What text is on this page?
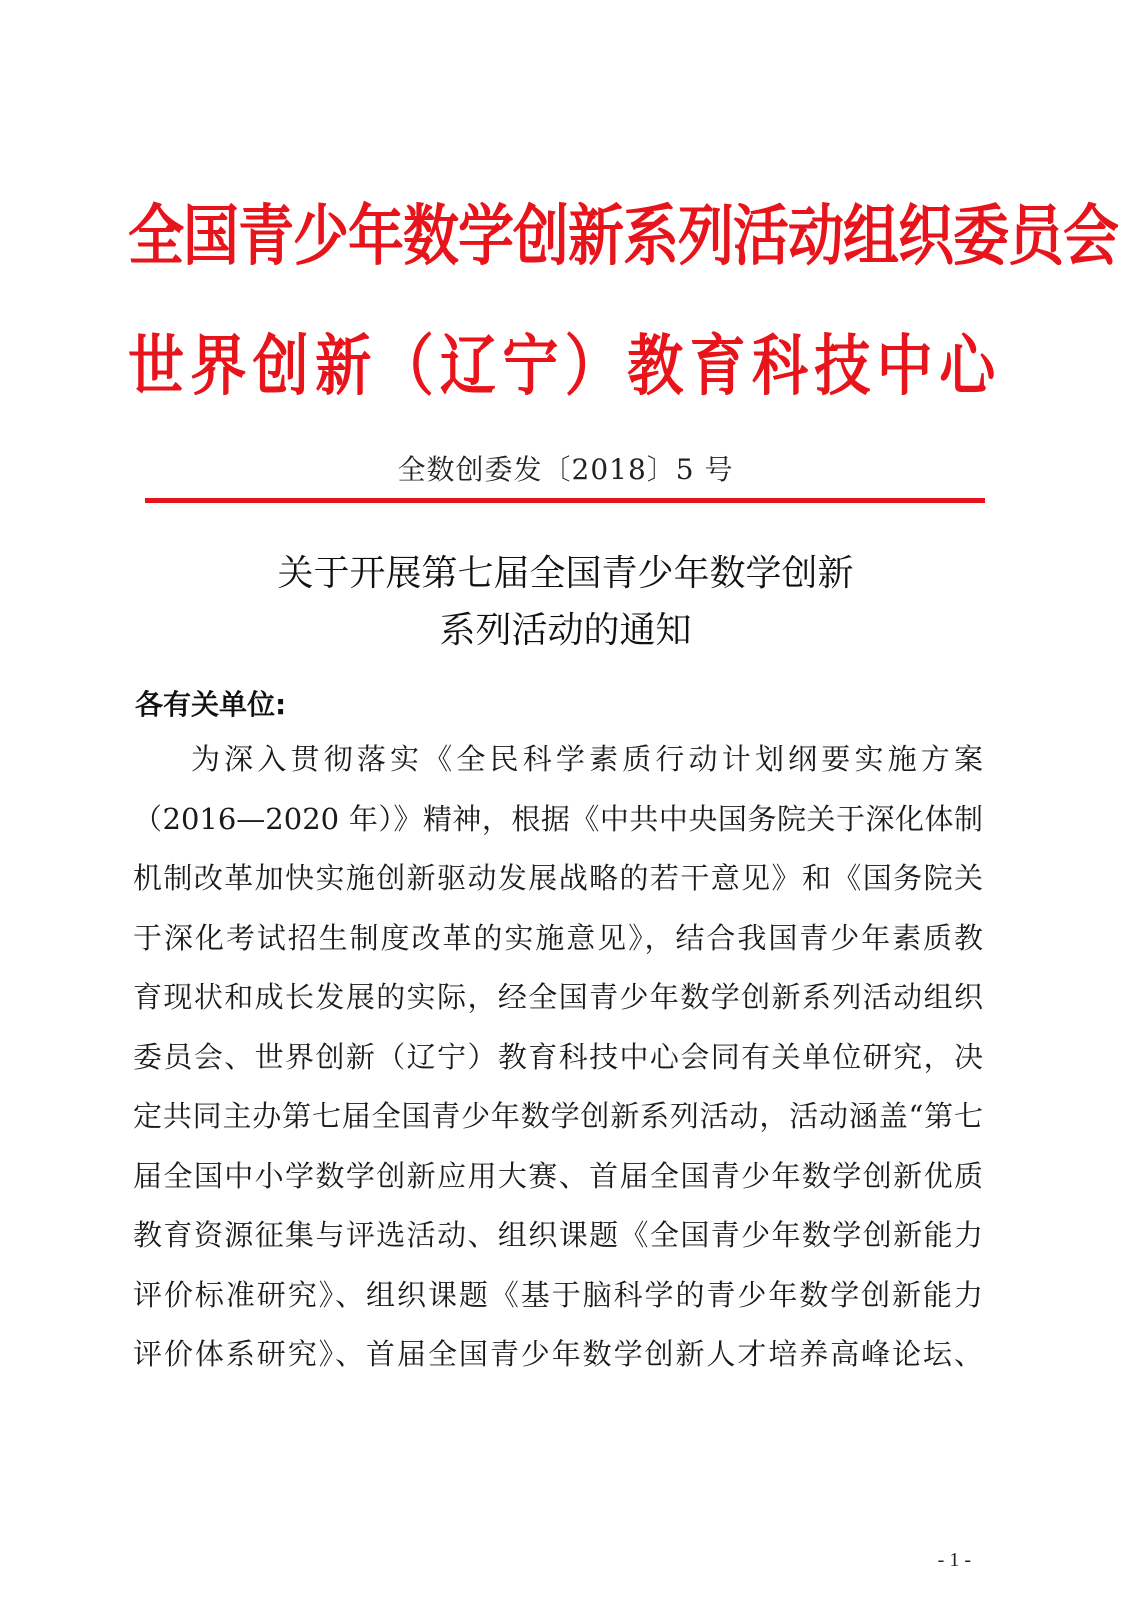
全国青少年数学创新系列活动组织委员会
世界创新（辽宁）教育科技中心
全数创委发〔2018〕5 号
关于开展第七届全国青少年数学创新
系列活动的通知
各有关单位:
为深入贯彻落实《全民科学素质行动计划纲要实施方案
（2016—2020 年）》精神，根据《中共中央国务院关于深化体制
机制改革加快实施创新驱动发展战略的若干意见》和《国务院关
于深化考试招生制度改革的实施意见》，结合我国青少年素质教
育现状和成长发展的实际，经全国青少年数学创新系列活动组织
委员会、世界创新（辽宁）教育科技中心会同有关单位研究，决
定共同主办第七届全国青少年数学创新系列活动，活动涵盖“第七
届全国中小学数学创新应用大赛、首届全国青少年数学创新优质
教育资源征集与评选活动、组织课题《全国青少年数学创新能力
评价标准研究》、组织课题《基于脑科学的青少年数学创新能力
评价体系研究》、首届全国青少年数学创新人才培养高峰论坛、
- 1 -
